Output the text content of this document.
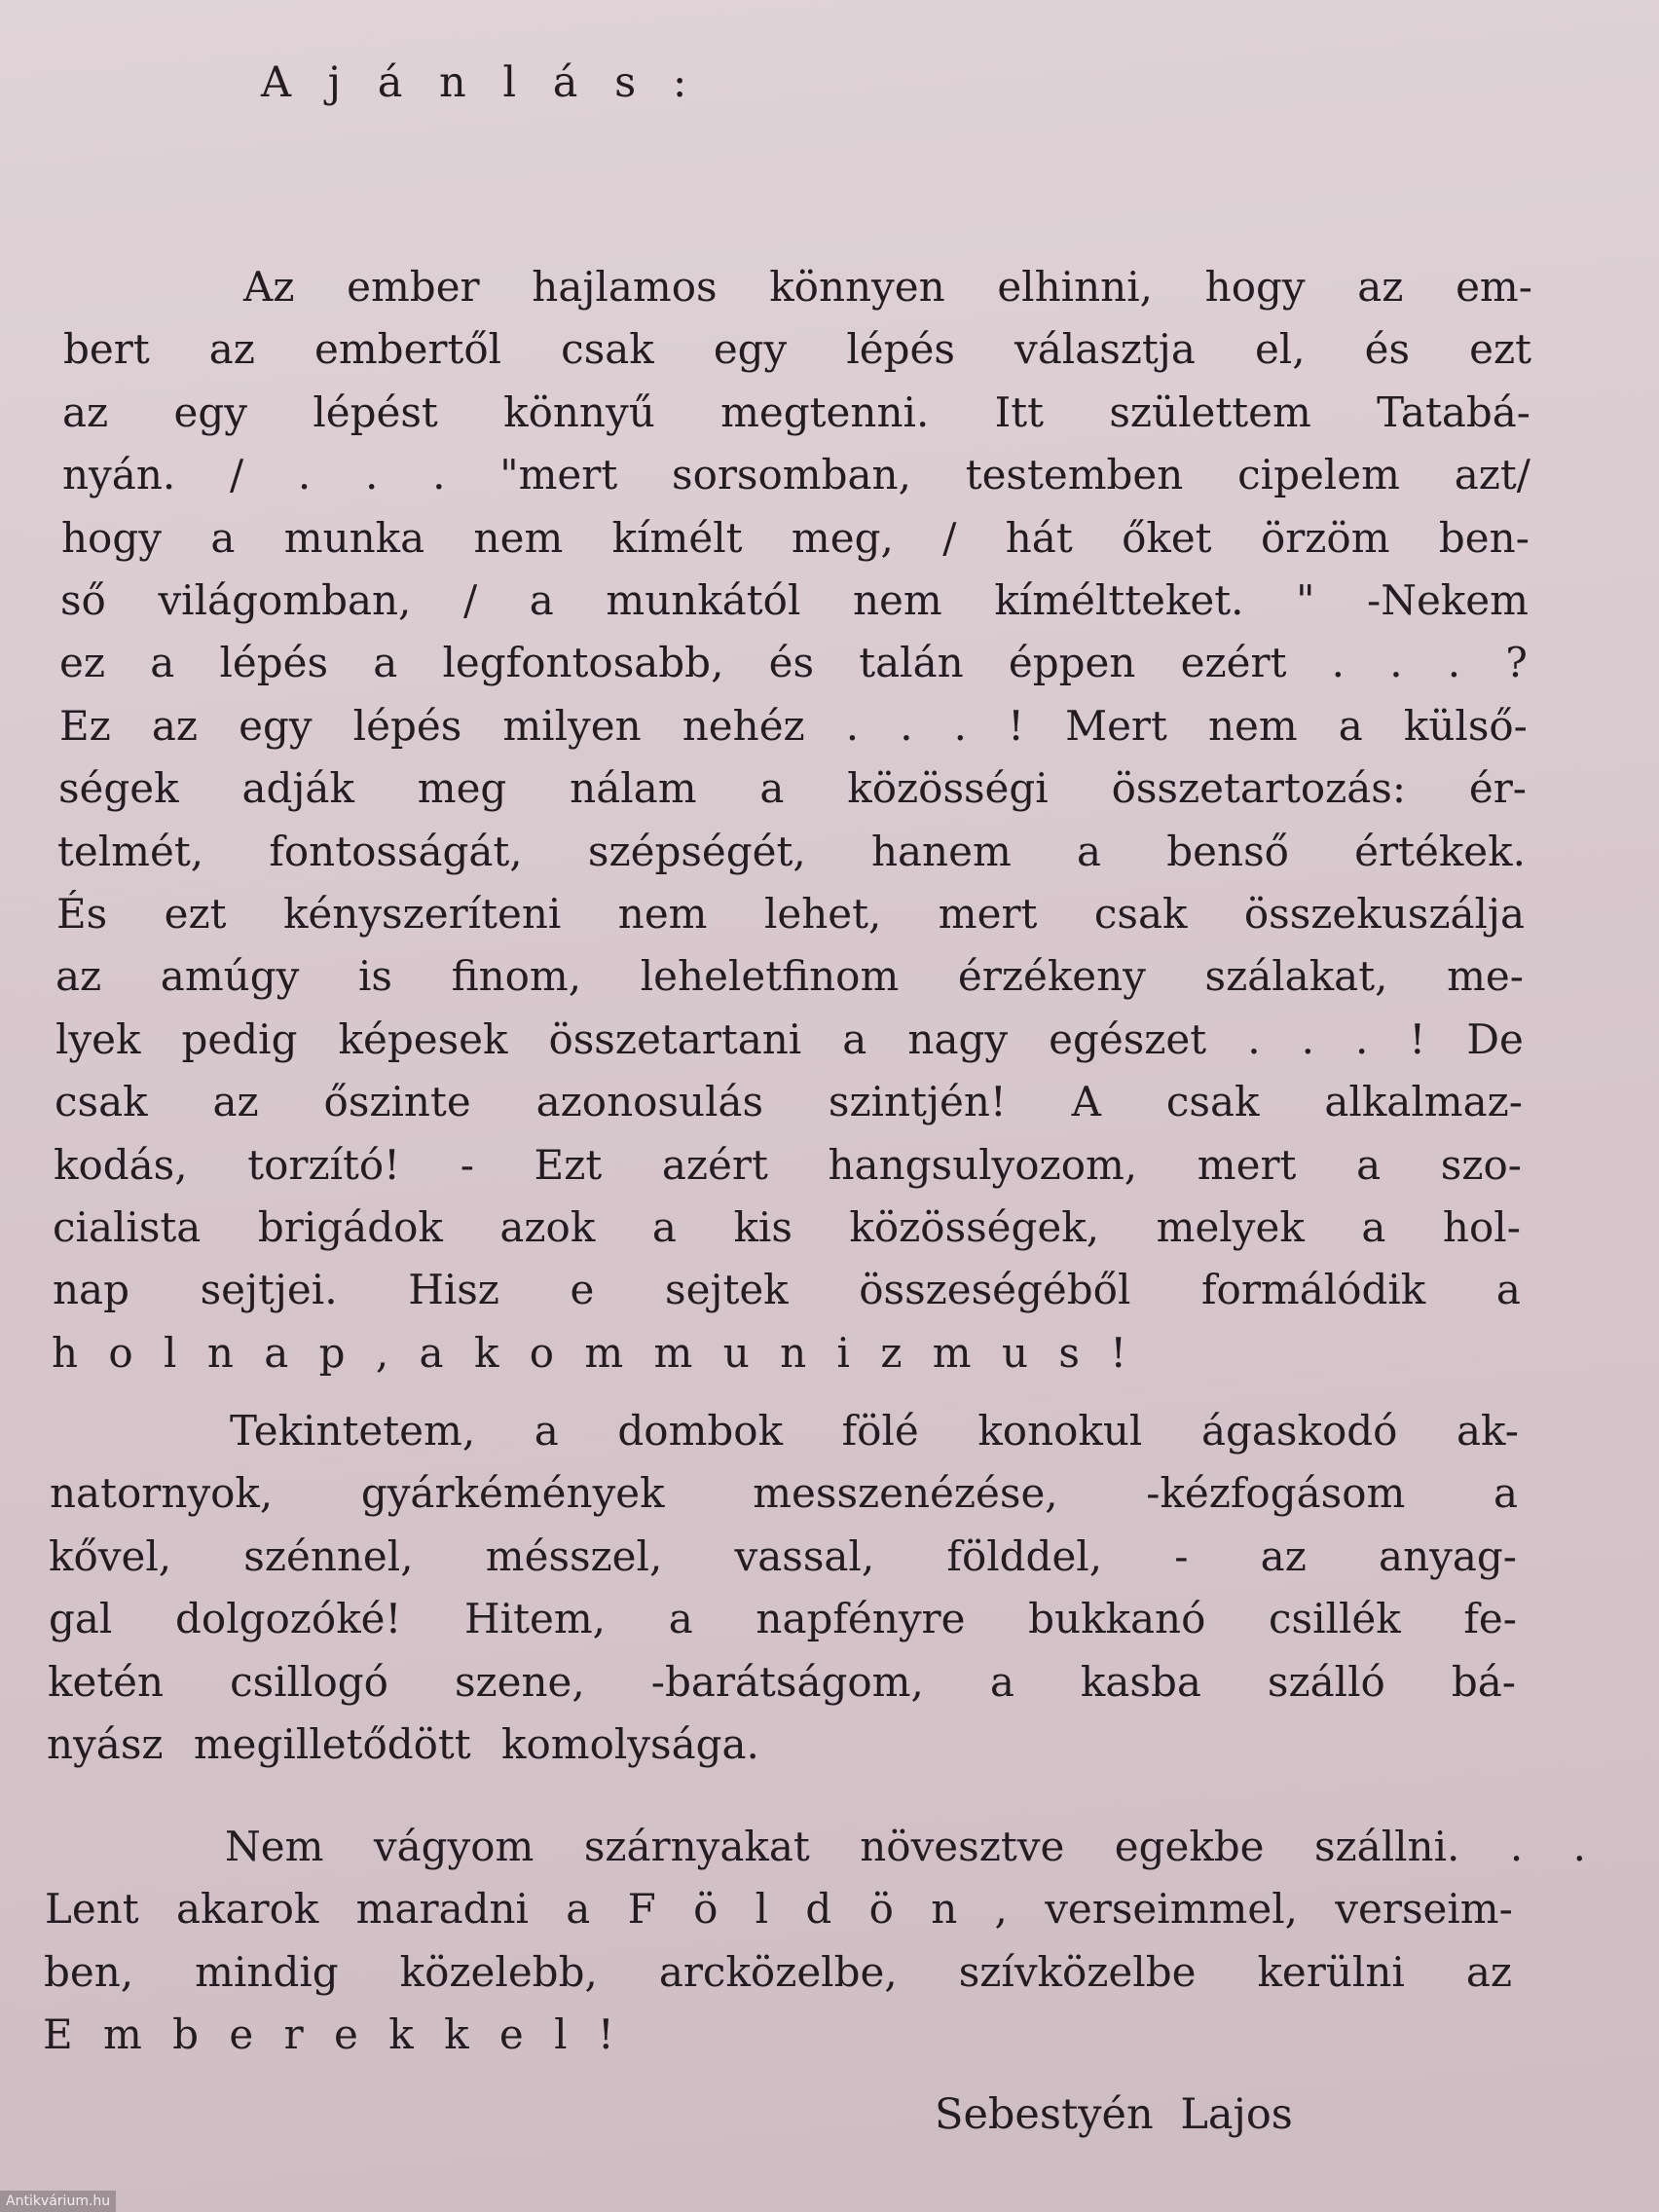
A j á n l á s :
Az ember hajlamos könnyen elhinni, hogy az em-
bert az embertől csak egy lépés választja el, és ezt
az egy lépést könnyű megtenni. Itt születtem Tatabá-
nyán. / . . . "mert sorsomban, testemben cipelem azt/
hogy a munka nem kímélt meg, / hát őket örzöm ben-
ső világomban, / a munkától nem kíméltteket. " -Nekem
ez a lépés a legfontosabb, és talán éppen ezért . . . ?
Ez az egy lépés milyen nehéz . . . ! Mert nem a külső-
ségek adják meg nálam a közösségi összetartozás: ér-
telmét, fontosságát, szépségét, hanem a benső értékek.
És ezt kényszeríteni nem lehet, mert csak összekuszálja
az amúgy is finom, leheletfinom érzékeny szálakat, me-
lyek pedig képesek összetartani a nagy egészet . . . ! De
csak az őszinte azonosulás szintjén! A csak alkalmaz-
kodás, torzító! - Ezt azért hangsulyozom, mert a szo-
cialista brigádok azok a kis közösségek, melyek a hol-
nap sejtjei. Hisz e sejtek összeségéből formálódik a
h o l n a p , a k o m m u n i z m u s !
Tekintetem, a dombok fölé konokul ágaskodó ak-
natornyok, gyárkémények messzenézése, -kézfogásom a
kővel, szénnel, mésszel, vassal, földdel, - az anyag-
gal dolgozóké! Hitem, a napfényre bukkanó csillék fe-
ketén csillogó szene, -barátságom, a kasba szálló bá-
nyász megilletődött komolysága.
Nem vágyom szárnyakat növesztve egekbe szállni. . .
Lent akarok maradni a F ö l d ö n , verseimmel, verseim-
ben, mindig közelebb, arcközelbe, szívközelbe kerülni az
E m b e r e k k e l !
Sebestyén Lajos
Antikvárium.hu
